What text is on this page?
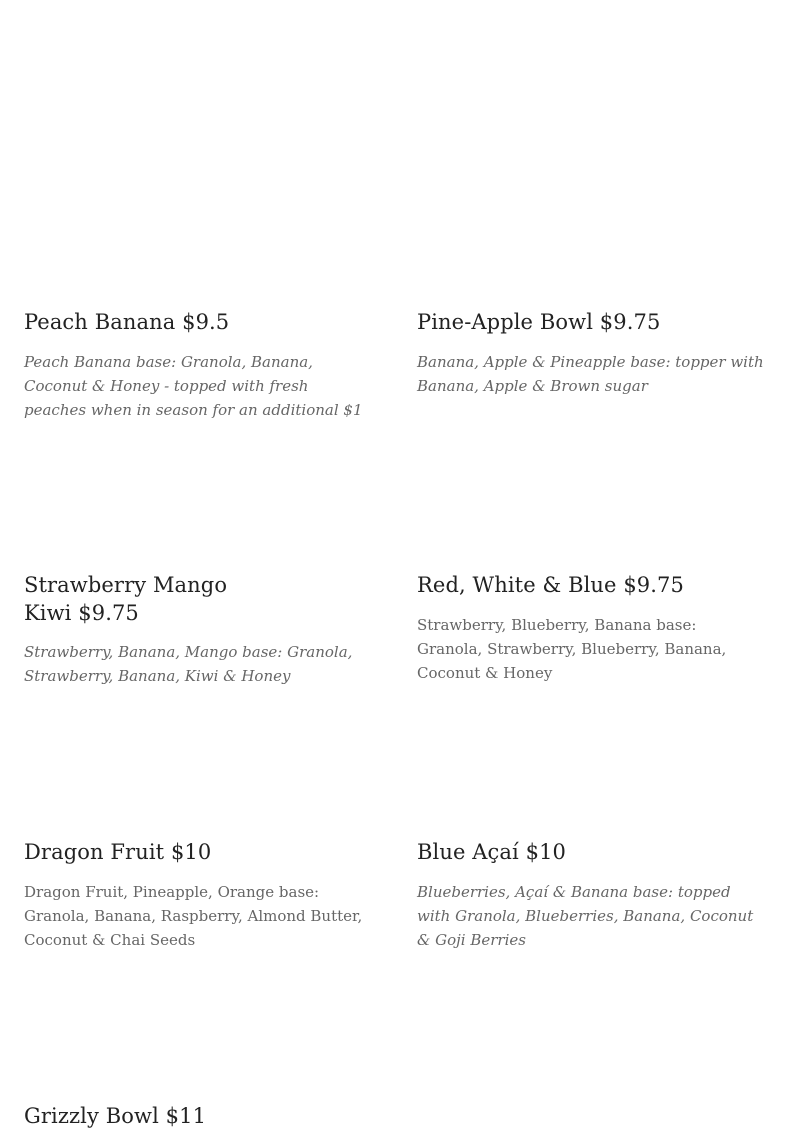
Peach Banana $9.5

Peach Banana base: Granola, Banana, Coconut & Honey - topped with fresh peaches when in season for an additional $1

Pine-Apple Bowl $9.75

Banana, Apple & Pineapple base: topper with Banana, Apple & Brown sugar

Strawberry Mango Kiwi $9.75

Strawberry, Banana, Mango base: Granola, Strawberry, Banana, Kiwi & Honey

Red, White & Blue $9.75

Strawberry, Blueberry, Banana base: Granola, Strawberry, Blueberry, Banana, Coconut & Honey

Dragon Fruit $10

Dragon Fruit, Pineapple, Orange base: Granola, Banana, Raspberry, Almond Butter, Coconut & Chai Seeds

Blue Açaí $10

Blueberries, Açaí & Banana base: topped with Granola, Blueberries, Banana, Coconut & Goji Berries

Grizzly Bowl $11
